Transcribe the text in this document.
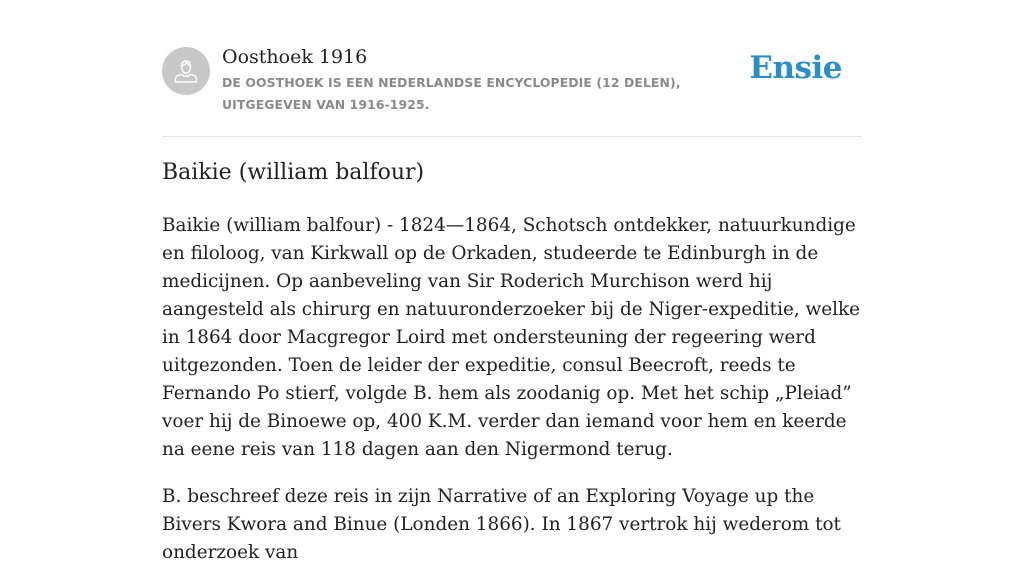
Oosthoek 1916
DE OOSTHOEK IS EEN NEDERLANDSE ENCYCLOPEDIE (12 DELEN), UITGEGEVEN VAN 1916-1925.
Ensie
Baikie (william balfour)

Baikie (william balfour) - 1824—1864, Schotsch ontdekker, natuurkundige en filoloog, van Kirkwall op de Orkaden, studeerde te Edinburgh in de medicijnen. Op aanbeveling van Sir Roderich Murchison werd hij aangesteld als chirurg en natuuronderzoeker bij de Niger-expeditie, welke in 1864 door Macgregor Loird met ondersteuning der regeering werd uitgezonden. Toen de leider der expeditie, consul Beecroft, reeds te Fernando Po stierf, volgde B. hem als zoodanig op. Met het schip „Pleiad” voer hij de Binoewe op, 400 K.M. verder dan iemand voor hem en keerde na eene reis van 118 dagen aan den Nigermond terug.

B. beschreef deze reis in zijn Narrative of an Exploring Voyage up the Bivers Kwora and Binue (Londen 1866). In 1867 vertrok hij wederom tot onderzoek van
